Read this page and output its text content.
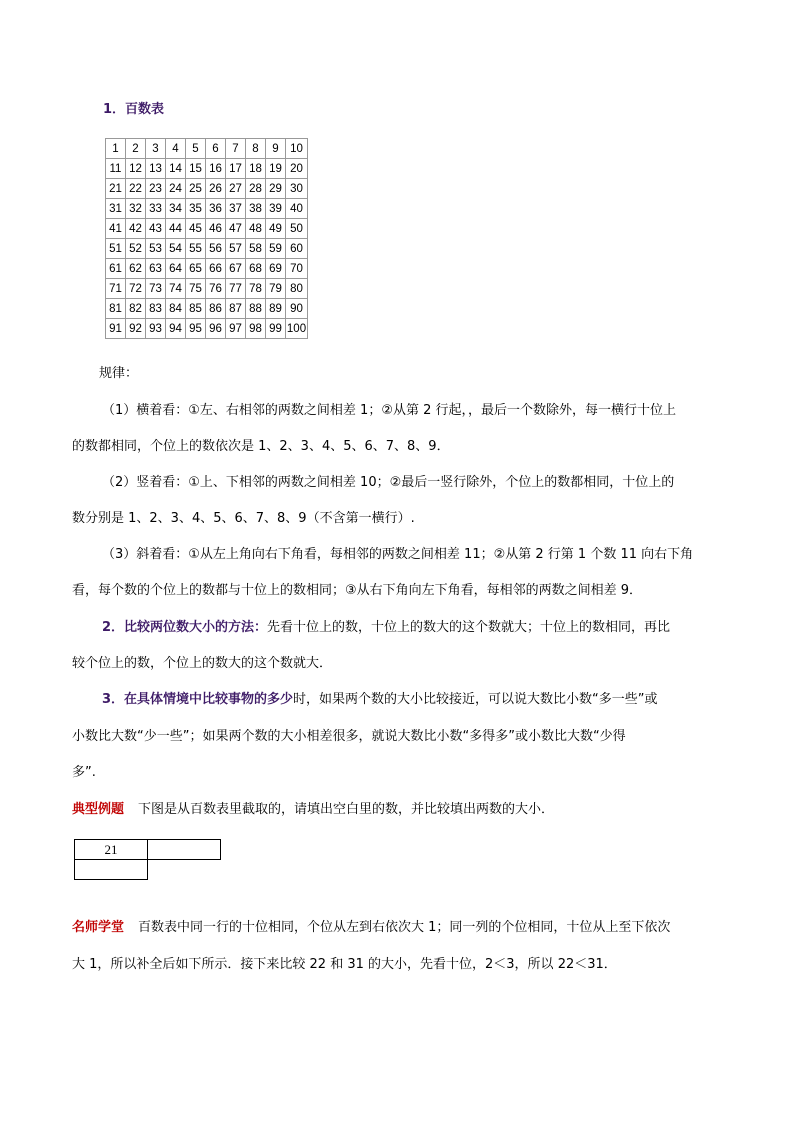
1．百数表
1	2	3	4	5	6	7	8	9	10
11	12	13	14	15	16	17	18	19	20
21	22	23	24	25	26	27	28	29	30
31	32	33	34	35	36	37	38	39	40
41	42	43	44	45	46	47	48	49	50
51	52	53	54	55	56	57	58	59	60
61	62	63	64	65	66	67	68	69	70
71	72	73	74	75	76	77	78	79	80
81	82	83	84	85	86	87	88	89	90
91	92	93	94	95	96	97	98	99	100
规律：
（1）横着看：①左、右相邻的两数之间相差 1；②从第 2 行起，，最后一个数除外，每一横行十位上
的数都相同，个位上的数依次是 1、2、3、4、5、6、7、8、9．
（2）竖着看：①上、下相邻的两数之间相差 10；②最后一竖行除外，个位上的数都相同，十位上的
数分别是 1、2、3、4、5、6、7、8、9（不含第一横行）.
（3）斜着看：①从左上角向右下角看，每相邻的两数之间相差 11；②从第 2 行第 1 个数 11 向右下角
看，每个数的个位上的数都与十位上的数相同；③从右下角向左下角看，每相邻的两数之间相差 9．
2．比较两位数大小的方法：先看十位上的数，十位上的数大的这个数就大；十位上的数相同，再比
较个位上的数，个位上的数大的这个数就大．
3．在具体情境中比较事物的多少时，如果两个数的大小比较接近，可以说大数比小数“多一些”或
小数比大数“少一些”；如果两个数的大小相差很多，就说大数比小数“多得多”或小数比大数“少得
多”.
典型例题 下图是从百数表里截取的，请填出空白里的数，并比较填出两数的大小．
21	

名师学堂 百数表中同一行的十位相同，个位从左到右依次大 1；同一列的个位相同，十位从上至下依次
大 1，所以补全后如下所示．接下来比较 22 和 31 的大小，先看十位，2＜3，所以 22＜31．
